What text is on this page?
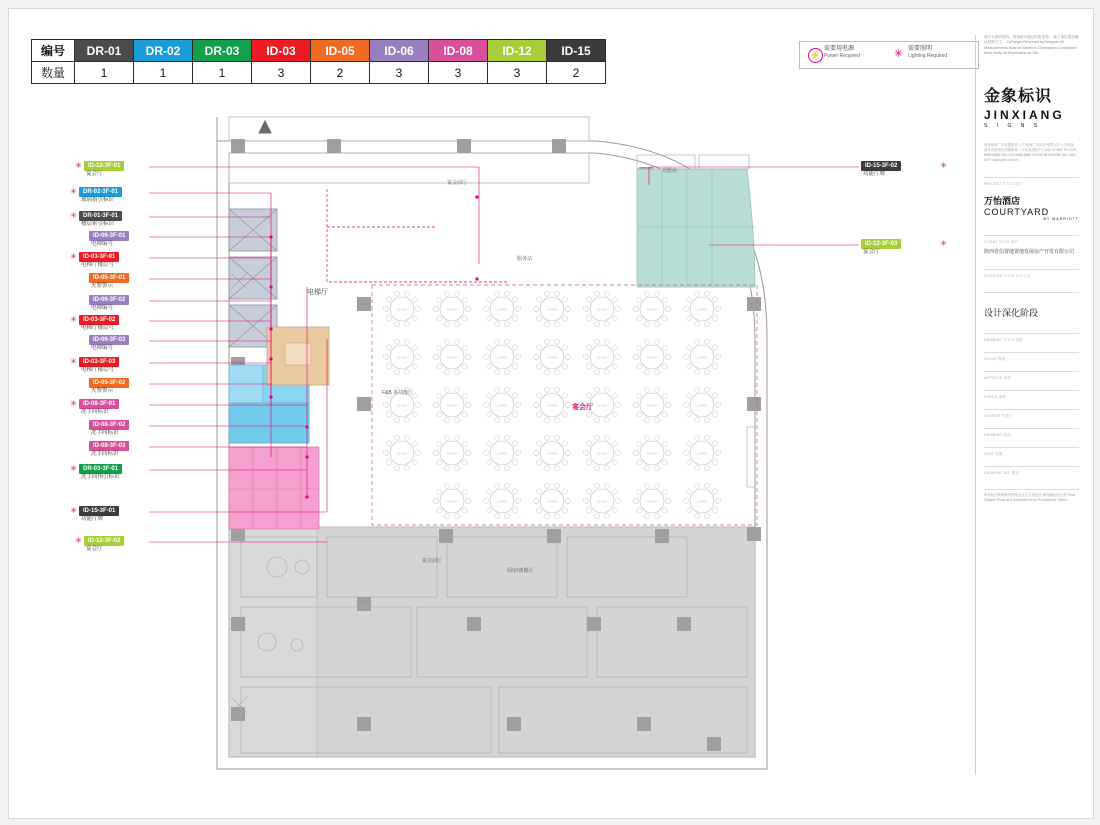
编号	DR-01	DR-02	DR-03	ID-03	ID-05	ID-06	ID-08	ID-12	ID-15
数量	1	1	1	3	2	3	3	3	2
⚡
需要用电源
Power Required	✳ 需要照明
Lighting Required
10 PAX	10 PAX	10 PAX	10 PAX	10 PAX	10 PAX	10 PAX
10 PAX	10 PAX	10 PAX	10 PAX	10 PAX	10 PAX	10 PAX
10 PAX	10 PAX	10 PAX	10 PAX	10 PAX	10 PAX	10 PAX
10 PAX	10 PAX	10 PAX	10 PAX	10 PAX	10 PAX	10 PAX
10 PAX	10 PAX	10 PAX	10 PAX	10 PAX	10 PAX
电梯厅
宴会厅
F&B 多功能厅
服务站
宴会前厅
宴会前厅
厨房/备餐区
功能房
✳	ID-12-3F-01
宴会厅
✳	DR-02-3F-01
玻璃指引标识
✳	DR-01-3F-01
楼层索引标识
ID-06-3F-01
电梯编号
✳	ID-03-3F-01
电梯厅楼层号
ID-05-3F-01
火警警示
ID-06-3F-02
电梯编号
✳	ID-03-3F-02
电梯厅楼层号
ID-06-3F-03
电梯编号
✳	ID-03-3F-03
电梯厅楼层号
ID-05-3F-02
火警警示
✳	ID-08-3F-01
洗手间标识
ID-08-3F-02
洗手间标识
ID-08-3F-03
洗手间标识
✳	DR-03-3F-01
洗手间指引标识
✳	ID-15-3F-01
功能厅牌
✳	ID-12-3F-02
宴会厅
✳
ID-15-3F-02
功能厅牌
✳
ID-12-3F-03
宴会厅
设计文案的资料，需得到可通过的意见等。 施工单位提前确认材料尺寸。 CoPyright Reserved by Designer All Measurements Must be Sieved in Dimensions Contractors Must Verify All Dimensions on Site
金象标识
JINXIANG
S I G N S
西安格象广告有限责任公司 地西广告标识有限公司 公司地址： 西安市雁塔区高新路南二环某某国际中心A座 37*884 TEL 029-8888 8888 FAX 029-8888 8888 029-86 68 8983/86 184 2483 3477 www.jxbz.com.cn
PROJECT TITLE 项目
万怡酒店
COURTYARD
BY MARRIOTT
CLIENT TITLE 客户
陕西省信置地置地发展房产开发有限公司
INTERIOR TITLE 设计公司
设计深化阶段
DRAWING TITLE 图纸
SCALE 图纸
APPROVE 审核
CHECK 审核
CHARGE 负责人
DRAWING 绘图
DATE 日期
DRAWING NO. 图号
所有标识制图最终效果由业主方指定后 最终确认前完成 Final Graphic Plans and Schedules to be Provided by Others.
